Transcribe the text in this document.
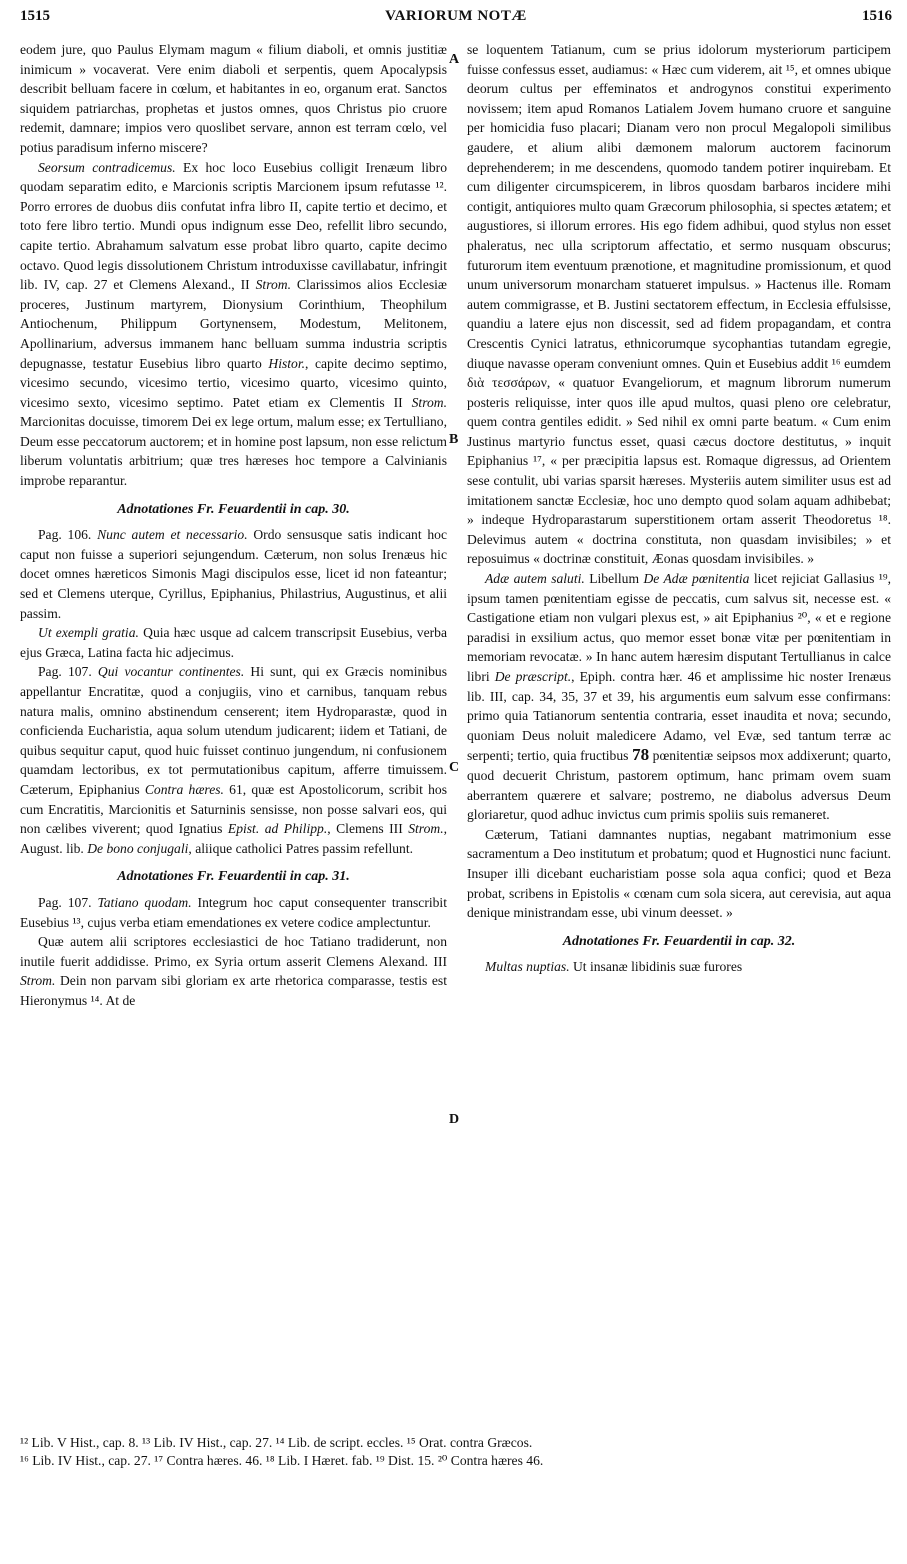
1515	VARIORUM NOTÆ	1516
A
B
C
D

eodem jure, quo Paulus Elymam magum « filium diaboli, et omnis justitiæ inimicum » vocaverat. Vere enim diaboli et serpentis, quem Apocalypsis describit belluam facere in cœlum, et habitantes in eo, organum erat. Sanctos siquidem patriarchas, prophetas et justos omnes, quos Christus pio cruore redemit, damnare; impios vero quoslibet servare, annon est terram cœlo, vel potius paradisum inferno miscere?

Seorsum contradicemus. Ex hoc loco Eusebius colligit Irenæum libro quodam separatim edito, e Marcionis scriptis Marcionem ipsum refutasse ¹². Porro errores de duobus diis confutat infra libro II, capite tertio et decimo, et toto fere libro tertio. Mundi opus indignum esse Deo, refellit libro secundo, capite tertio. Abrahamum salvatum esse probat libro quarto, capite decimo octavo. Quod legis dissolutionem Christum introduxisse cavillabatur, infringit lib. IV, cap. 27 et Clemens Alexand., II Strom. Clarissimos alios Ecclesiæ proceres, Justinum martyrem, Dionysium Corinthium, Theophilum Antiochenum, Philippum Gortynensem, Modestum, Melitonem, Apollinarium, adversus immanem hanc belluam summa industria scriptis depugnasse, testatur Eusebius libro quarto Histor., capite decimo septimo, vicesimo secundo, vicesimo tertio, vicesimo quarto, vicesimo quinto, vicesimo sexto, vicesimo septimo. Patet etiam ex Clementis II Strom. Marcionitas docuisse, timorem Dei ex lege ortum, malum esse; ex Tertulliano, Deum esse peccatorum auctorem; et in homine post lapsum, non esse relictum liberum voluntatis arbitrium; quæ tres hæreses hoc tempore a Calvinianis improbe reparantur.

Adnotationes Fr. Feuardentii in cap. 30.

Pag. 106. Nunc autem et necessario. Ordo sensusque satis indicant hoc caput non fuisse a superiori sejungendum. Cæterum, non solus Irenæus hic docet omnes hæreticos Simonis Magi discipulos esse, licet id non fateantur; sed et Clemens uterque, Cyrillus, Epiphanius, Philastrius, Augustinus, et alii passim.

Ut exempli gratia. Quia hæc usque ad calcem transcripsit Eusebius, verba ejus Græca, Latina facta hic adjecimus.

Pag. 107. Qui vocantur continentes. Hi sunt, qui ex Græcis nominibus appellantur Encratitæ, quod a conjugiis, vino et carnibus, tanquam rebus natura malis, omnino abstinendum censerent; item Hydroparastæ, quod in conficienda Eucharistia, aqua solum utendum judicarent; iidem et Tatiani, de quibus sequitur caput, quod huic fuisset continuo jungendum, ni confusionem quamdam lectoribus, ex tot permutationibus capitum, afferre timuissem. Cæterum, Epiphanius Contra hæres. 61, quæ est Apostolicorum, scribit hos cum Encratitis, Marcionitis et Saturninis sensisse, non posse salvari eos, qui non cælibes viverent; quod Ignatius Epist. ad Philipp., Clemens III Strom., August. lib. De bono conjugali, aliique catholici Patres passim refellunt.

Adnotationes Fr. Feuardentii in cap. 31.

Pag. 107. Tatiano quodam. Integrum hoc caput consequenter transcribit Eusebius ¹³, cujus verba etiam emendationes ex vetere codice amplectuntur.

Quæ autem alii scriptores ecclesiastici de hoc Tatiano tradiderunt, non inutile fuerit addidisse. Primo, ex Syria ortum asserit Clemens Alexand. III Strom. Dein non parvam sibi gloriam ex arte rhetorica comparasse, testis est Hieronymus ¹⁴. At de

se loquentem Tatianum, cum se prius idolorum mysteriorum participem fuisse confessus esset, audiamus: « Hæc cum viderem, ait ¹⁵, et omnes ubique deorum cultus per effeminatos et androgynos constitui experimento novissem; item apud Romanos Latialem Jovem humano cruore et sanguine per homicidia fuso placari; Dianam vero non procul Megalopoli similibus gaudere, et alium alibi dæmonem malorum auctorem facinorum deprehenderem; in me descendens, quomodo tandem potirer inquirebam. Et cum diligenter circumspicerem, in libros quosdam barbaros incidere mihi contigit, antiquiores multo quam Græcorum philosophia, si spectes ætatem; et augustiores, si illorum errores. His ego fidem adhibui, quod stylus non esset phaleratus, nec ulla scriptorum affectatio, et sermo nusquam obscurus; futurorum item eventuum prænotione, et magnitudine promissionum, et quod unum universorum monarcham statueret impulsus. » Hactenus ille. Romam autem commigrasse, et B. Justini sectatorem effectum, in Ecclesia effulsisse, quandiu a latere ejus non discessit, sed ad fidem propagandam, et contra Crescentis Cynici latratus, ethnicorumque sycophantias tutandam egregie, diuque navasse operam conveniunt omnes. Quin et Eusebius addit ¹⁶ eumdem διὰ τεσσάρων, « quatuor Evangeliorum, et magnum librorum numerum posteris reliquisse, inter quos ille apud multos, quasi pleno ore celebratur, quem contra gentiles edidit. » Sed nihil ex omni parte beatum. « Cum enim Justinus martyrio functus esset, quasi cæcus doctore destitutus, » inquit Epiphanius ¹⁷, « per præcipitia lapsus est. Romaque digressus, ad Orientem sese contulit, ubi varias sparsit hæreses. Mysteriis autem similiter usus est ad imitationem sanctæ Ecclesiæ, hoc uno dempto quod solam aquam adhibebat; » indeque Hydroparastarum superstitionem ortam asserit Theodoretus ¹⁸. Delevimus autem « doctrina constituta, non quasdam invisibiles; » et reposuimus « doctrinæ constituit, Æonas quosdam invisibiles. »

Adæ autem saluti. Libellum De Adæ pœnitentia licet rejiciat Gallasius ¹⁹, ipsum tamen pœnitentiam egisse de peccatis, cum salvus sit, necesse est. « Castigatione etiam non vulgari plexus est, » ait Epiphanius ²⁰, « et e regione paradisi in exsilium actus, quo memor esset bonæ vitæ per pœnitentiam in memoriam revocatæ. » In hanc autem hæresim disputant Tertullianus in calce libri De præscript., Epiph. contra hær. 46 et amplissime hic noster Irenæus lib. III, cap. 34, 35, 37 et 39, his argumentis eum salvum esse confirmans: primo quia Tatianorum sententia contraria, esset inaudita et nova; secundo, quoniam Deus noluit maledicere Adamo, vel Evæ, sed tantum terræ ac serpenti; tertio, quia fructibus 78 pœnitentiæ seipsos mox addixerunt; quarto, quod decuerit Christum, pastorem optimum, hanc primam ovem suam aberrantem quærere et salvare; postremo, ne diabolus adversus Deum gloriaretur, quod adhuc invictus cum primis spoliis suis remaneret.

Cæterum, Tatiani damnantes nuptias, negabant matrimonium esse sacramentum a Deo institutum et probatum; quod et Hugnostici nunc faciunt. Insuper illi dicebant eucharistiam posse sola aqua confici; quod et Beza probat, scribens in Epistolis « cœnam cum sola sicera, aut cerevisia, aut aqua denique ministrandam esse, ubi vinum deesset. »

Adnotationes Fr. Feuardentii in cap. 32.

Multas nuptias. Ut insanæ libidinis suæ furores

¹² Lib. V Hist., cap. 8. ¹³ Lib. IV Hist., cap. 27. ¹⁴ Lib. de script. eccles. ¹⁵ Orat. contra Græcos.
¹⁶ Lib. IV Hist., cap. 27. ¹⁷ Contra hæres. 46. ¹⁸ Lib. I Hæret. fab. ¹⁹ Dist. 15. ²⁰ Contra hæres 46.
